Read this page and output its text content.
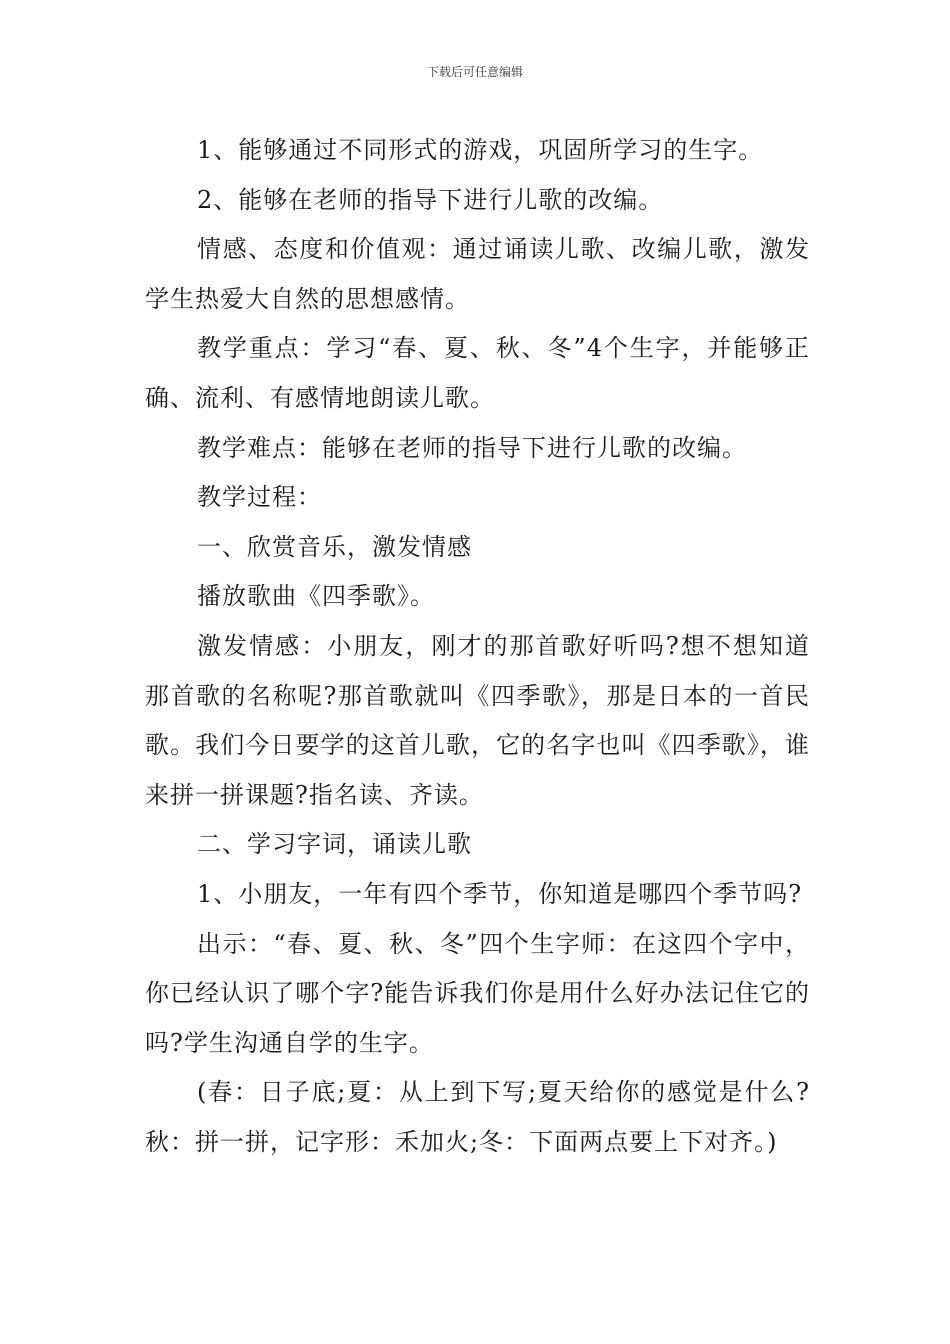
下载后可任意编辑

1、能够通过不同形式的游戏，巩固所学习的生字。

2、能够在老师的指导下进行儿歌的改编。

情感、态度和价值观：通过诵读儿歌、改编儿歌，激发学生热爱大自然的思想感情。

教学重点：学习“春、夏、秋、冬”4个生字，并能够正确、流利、有感情地朗读儿歌。

教学难点：能够在老师的指导下进行儿歌的改编。

教学过程：

一、欣赏音乐，激发情感

播放歌曲《四季歌》。

激发情感：小朋友，刚才的那首歌好听吗?想不想知道那首歌的名称呢?那首歌就叫《四季歌》，那是日本的一首民歌。我们今日要学的这首儿歌，它的名字也叫《四季歌》，谁来拼一拼课题?指名读、齐读。

二、学习字词，诵读儿歌

1、小朋友，一年有四个季节，你知道是哪四个季节吗?

出示：“春、夏、秋、冬”四个生字师：在这四个字中，你已经认识了哪个字?能告诉我们你是用什么好办法记住它的吗?学生沟通自学的生字。

(春：日子底;夏：从上到下写;夏天给你的感觉是什么?秋：拼一拼，记字形：禾加火;冬：下面两点要上下对齐。)
